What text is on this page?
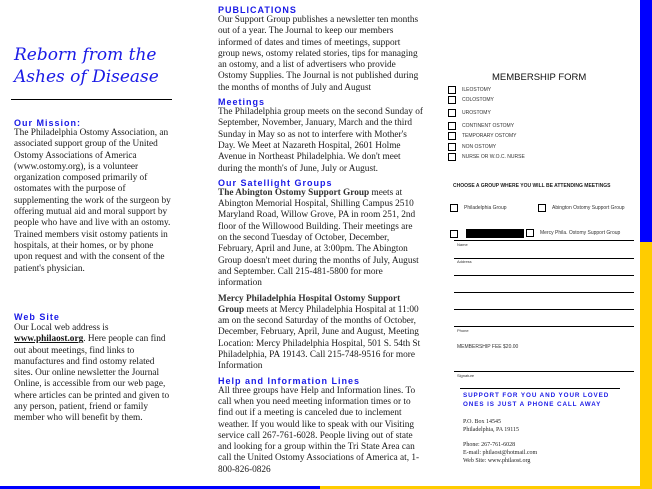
Reborn from the
Ashes of Disease
Our Mission:
The Philadelphia Ostomy Association, an associated support group of the United Ostomy Associations of America (www.ostomy.org), is a volunteer organization composed primarily of ostomates with the purpose of supplementing the work of the surgeon by offering mutual aid and moral support by people who have and live with an ostomy. Trained members visit ostomy patients in hospitals, at their homes, or by phone upon request and with the consent of the patient's physician.
Web Site
Our Local web address is www.philaost.org. Here people can find out about meetings, find links to manufactures and find ostomy related sites. Our online newsletter the Journal Online, is accessible from our web page, where articles can be printed and given to any person, patient, friend or family member who will benefit by them.
PUBLICATIONS
Our Support Group publishes a newsletter ten months out of a year. The Journal to keep our members informed of dates and times of meetings, support group news, ostomy related stories, tips for managing an ostomy, and a list of advertisers who provide Ostomy Supplies. The Journal is not published during the months of months of July and August
Meetings
The Philadelphia group meets on the second Sunday of September, November, January, March and the third Sunday in May so as not to interfere with Mother's Day. We Meet at Nazareth Hospital, 2601 Holme Avenue in Northeast Philadelphia. We don't meet during the month's of June, July or August.
Our Satellight Groups
The Abington Ostomy Support Group meets at Abington Memorial Hospital, Shilling Campus 2510 Maryland Road, Willow Grove, PA in room 251, 2nd floor of the Willowood Building. Their meetings are on the second Tuesday of October, December, February, April and June, at 3:00pm. The Abington Group doesn't meet during the months of July, August and September. Call 215-481-5800 for more information
Mercy Philadelphia Hospital Ostomy Support Group meets at Mercy Philadelphia Hospital at 11:00 am on the second Saturday of the months of October, December, February, April, June and August, Meeting Location: Mercy Philadelphia Hospital, 501 S. 54th St Philadelphia, PA 19143. Call 215-748-9516 for more Information
Help and Information Lines
All three groups have Help and Information lines. To call when you need meeting information times or to find out if a meeting is canceled due to inclement weather. If you would like to speak with our Visiting service call 267-761-6028. People living out of state and looking for a group within the Tri State Area can call the United Ostomy Associations of America at, 1-800-826-0826
MEMBERSHIP FORM
ILEOSTOMY
COLOSTOMY
UROSTOMY
CONTINENT OSTOMY
TEMPORARY OSTOMY
NON OSTOMY
NURSE OR W.O.C. NURSE
CHOOSE A GROUP WHERE YOU WILL BE ATTENDING MEETINGS
Philadelphia Group	Abington Ostomy Support Group
Mercy Phila. Ostomy Support Group
Name
Address
Phone
MEMBERSHIP FEE $20.00
Signature
SUPPORT FOR YOU AND YOUR LOVED ONES IS JUST A PHONE CALL AWAY
P.O. Box 14545
Philadelphia, PA 19115
Phone: 267-761-6028
E-mail: philaost@hotmail.com
Web Site: www.philaost.org
